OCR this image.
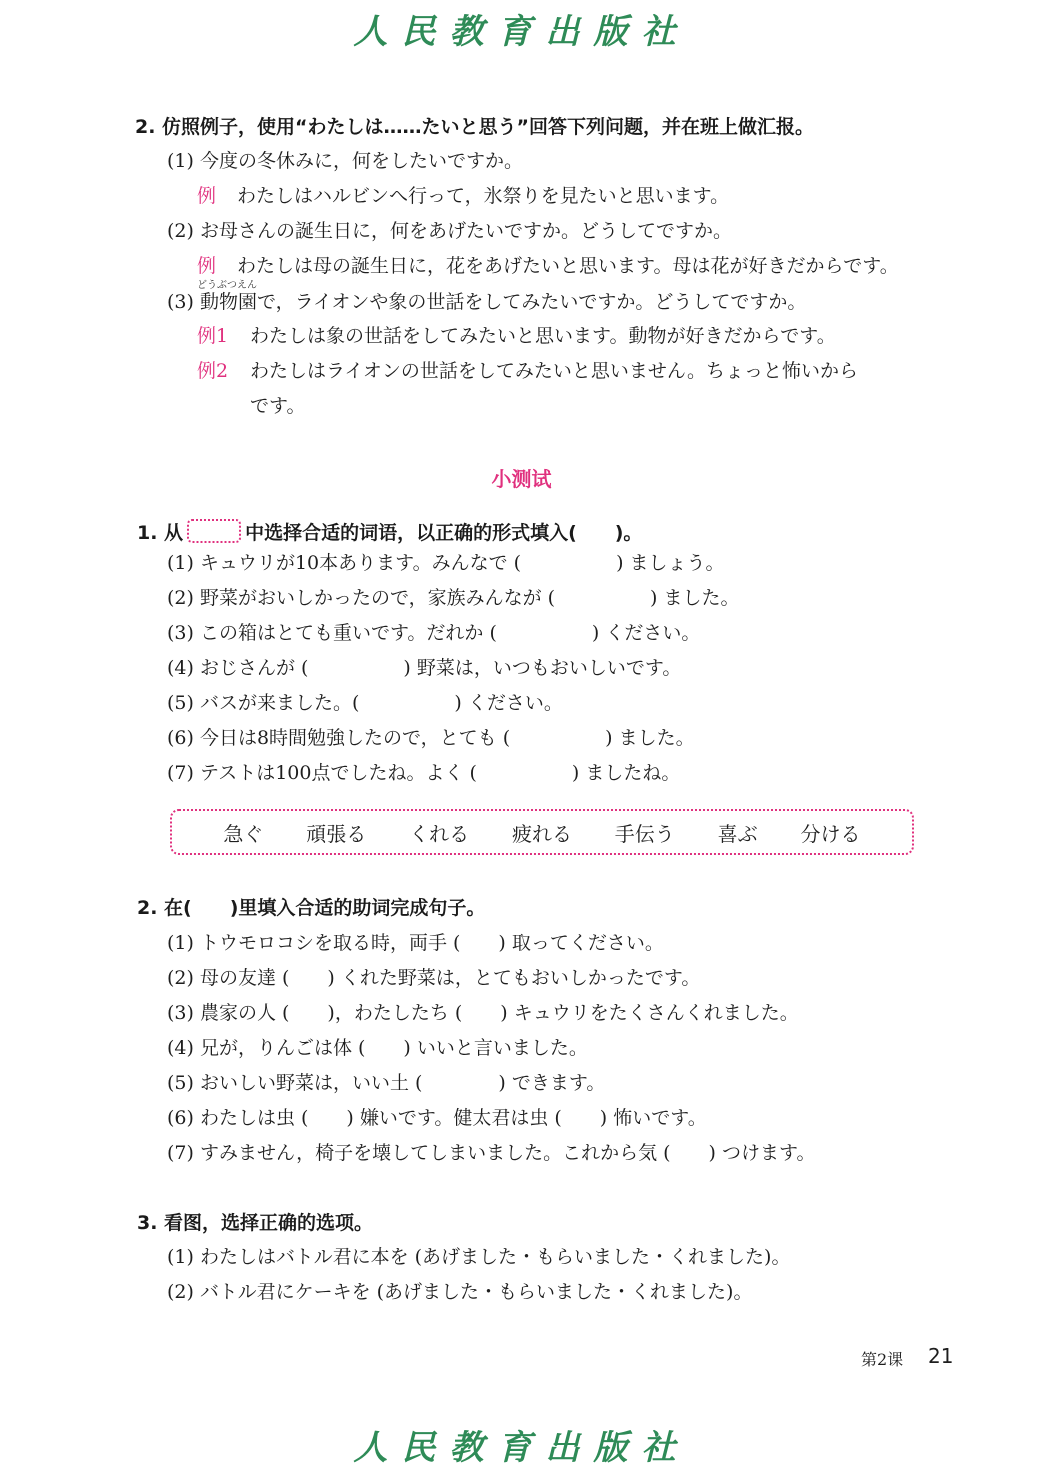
人民教育出版社
2. 仿照例子，使用“わたしは……たいと思う”回答下列问题，并在班上做汇报。
(1) 今度の冬休みに，何をしたいですか。
例 わたしはハルビンへ行って，氷祭りを見たいと思います。
(2) お母さんの誕生日に，何をあげたいですか。どうしてですか。
例 わたしは母の誕生日に，花をあげたいと思います。母は花が好きだからです。
どうぶつえん
(3) 動物園で，ライオンや象の世話をしてみたいですか。どうしてですか。
例1 わたしは象の世話をしてみたいと思います。動物が好きだからです。
例2 わたしはライオンの世話をしてみたいと思いません。ちょっと怖いから
です。
小测试
1. 从	中选择合适的词语，以正确的形式填入(　　)。
(1) キュウリが10本あります。みんなで (　　　　　) ましょう。
(2) 野菜がおいしかったので，家族みんなが (　　　　　) ました。
(3) この箱はとても重いです。だれか (　　　　　) ください。
(4) おじさんが (　　　　　) 野菜は，いつもおいしいです。
(5) バスが来ました。(　　　　　) ください。
(6) 今日は8時間勉強したので，とても (　　　　　) ました。
(7) テストは100点でしたね。よく (　　　　　) ましたね。
急ぐ 頑張る くれる 疲れる 手伝う 喜ぶ 分ける
2. 在(　　)里填入合适的助词完成句子。
(1) トウモロコシを取る時，両手 (　　) 取ってください。
(2) 母の友達 (　　) くれた野菜は，とてもおいしかったです。
(3) 農家の人 (　　)，わたしたち (　　) キュウリをたくさんくれました。
(4) 兄が，りんごは体 (　　) いいと言いました。
(5) おいしい野菜は，いい土 (　　　　) できます。
(6) わたしは虫 (　　) 嫌いです。健太君は虫 (　　) 怖いです。
(7) すみません，椅子を壊してしまいました。これから気 (　　) つけます。
3. 看图，选择正确的选项。
(1) わたしはバトル君に本を (あげました・もらいました・くれました)。
(2) バトル君にケーキを (あげました・もらいました・くれました)。
第2课 21
人民教育出版社
